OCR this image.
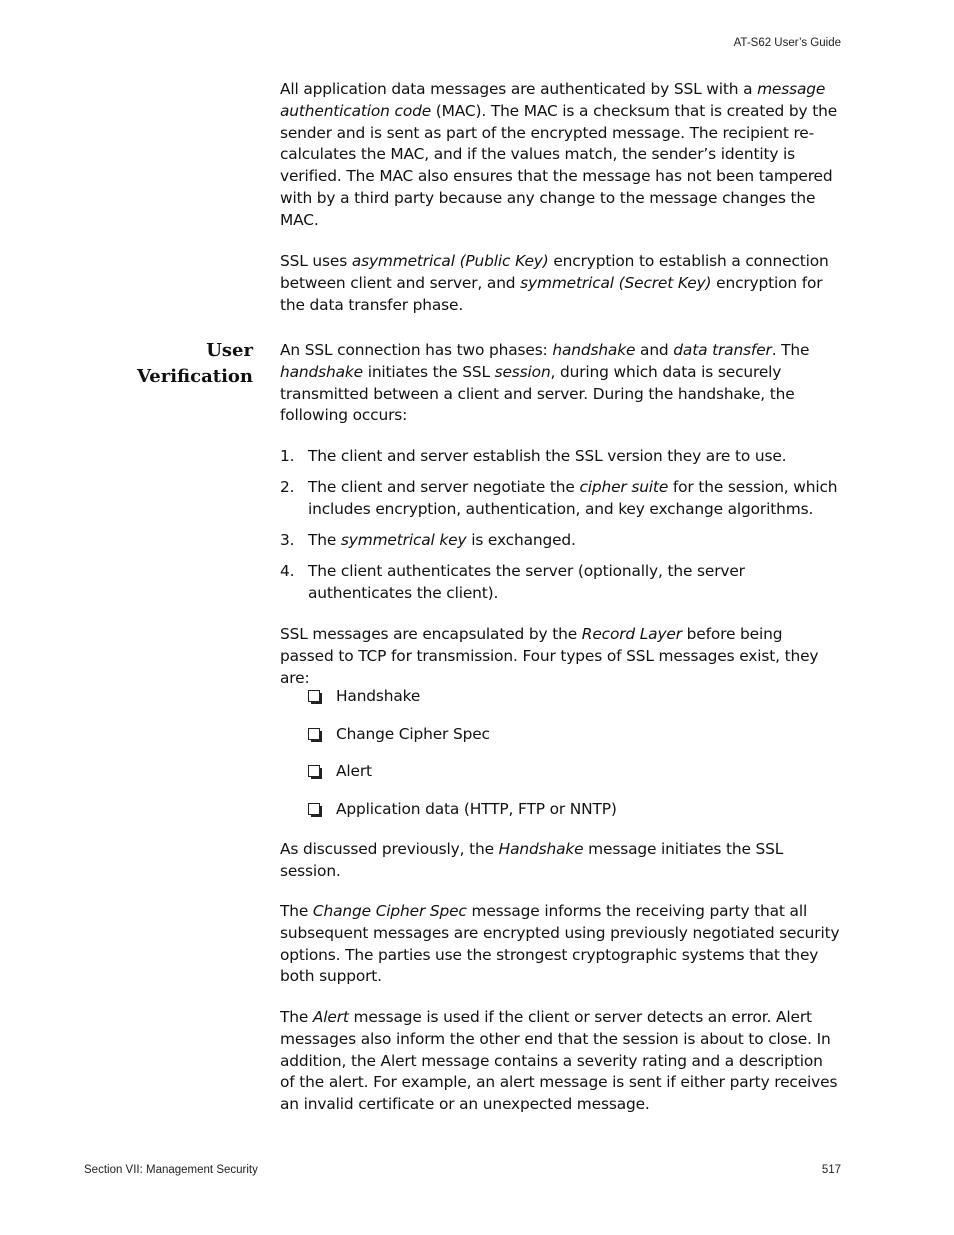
AT-S62 User’s Guide

All application data messages are authenticated by SSL with a message authentication code (MAC). The MAC is a checksum that is created by the sender and is sent as part of the encrypted message. The recipient re-calculates the MAC, and if the values match, the sender’s identity is verified. The MAC also ensures that the message has not been tampered with by a third party because any change to the message changes the MAC.

SSL uses asymmetrical (Public Key) encryption to establish a connection between client and server, and symmetrical (Secret Key) encryption for the data transfer phase.

User
Verification

An SSL connection has two phases: handshake and data transfer. The handshake initiates the SSL session, during which data is securely transmitted between a client and server. During the handshake, the following occurs:

1. The client and server establish the SSL version they are to use.
2. The client and server negotiate the cipher suite for the session, which includes encryption, authentication, and key exchange algorithms.
3. The symmetrical key is exchanged.
4. The client authenticates the server (optionally, the server authenticates the client).

SSL messages are encapsulated by the Record Layer before being passed to TCP for transmission. Four types of SSL messages exist, they are:

Handshake
Change Cipher Spec
Alert
Application data (HTTP, FTP or NNTP)

As discussed previously, the Handshake message initiates the SSL session.

The Change Cipher Spec message informs the receiving party that all subsequent messages are encrypted using previously negotiated security options. The parties use the strongest cryptographic systems that they both support.

The Alert message is used if the client or server detects an error. Alert messages also inform the other end that the session is about to close. In addition, the Alert message contains a severity rating and a description of the alert. For example, an alert message is sent if either party receives an invalid certificate or an unexpected message.

Section VII: Management Security	517
